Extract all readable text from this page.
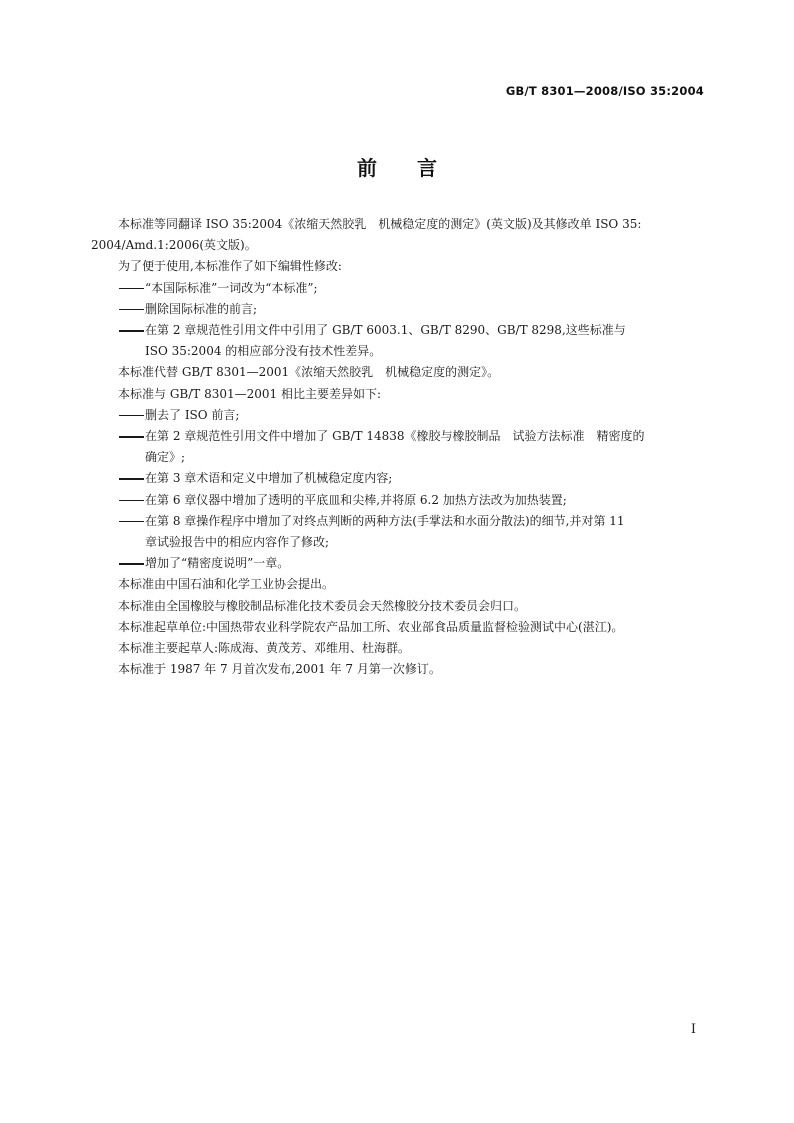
GB/T 8301—2008/ISO 35:2004
前言

本标准等同翻译 ISO 35:2004《浓缩天然胶乳　机械稳定度的测定》(英文版)及其修改单 ISO 35:

2004/Amd.1:2006(英文版)。

为了便于使用,本标准作了如下编辑性修改:

“本国际标准”一词改为“本标准”;

删除国际标准的前言;

在第 2 章规范性引用文件中引用了 GB/T 6003.1、GB/T 8290、GB/T 8298,这些标准与

ISO 35:2004 的相应部分没有技术性差异。

本标准代替 GB/T 8301—2001《浓缩天然胶乳　机械稳定度的测定》。

本标准与 GB/T 8301—2001 相比主要差异如下:

删去了 ISO 前言;

在第 2 章规范性引用文件中增加了 GB/T 14838《橡胶与橡胶制品　试验方法标准　精密度的

确定》;

在第 3 章术语和定义中增加了机械稳定度内容;

在第 6 章仪器中增加了透明的平底皿和尖棒,并将原 6.2 加热方法改为加热装置;

在第 8 章操作程序中增加了对终点判断的两种方法(手掌法和水面分散法)的细节,并对第 11

章试验报告中的相应内容作了修改;

增加了“精密度说明”一章。

本标准由中国石油和化学工业协会提出。

本标准由全国橡胶与橡胶制品标准化技术委员会天然橡胶分技术委员会归口。

本标准起草单位:中国热带农业科学院农产品加工所、农业部食品质量监督检验测试中心(湛江)。

本标准主要起草人:陈成海、黄茂芳、邓维用、杜海群。

本标准于 1987 年 7 月首次发布,2001 年 7 月第一次修订。

I
